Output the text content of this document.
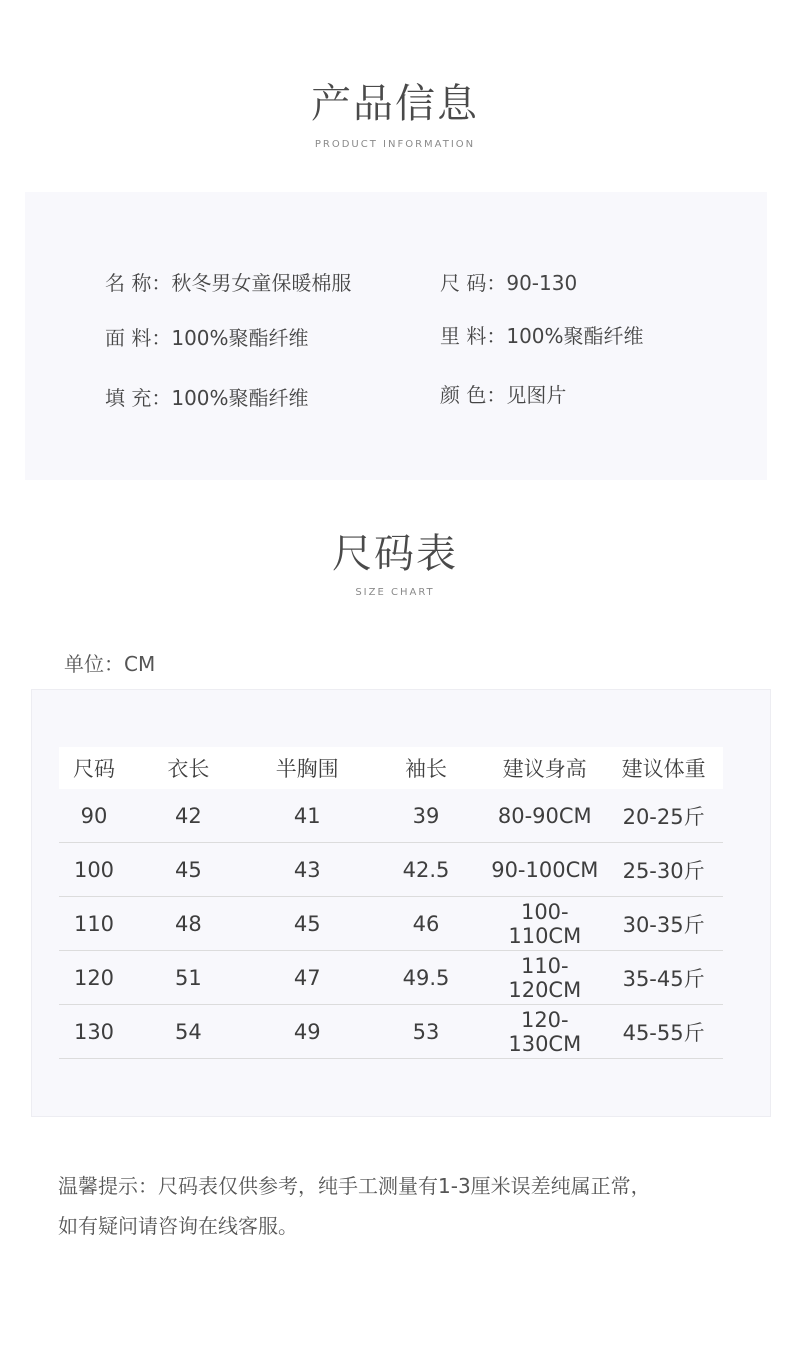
产品信息
PRODUCT INFORMATION
名 称：秋冬男女童保暖棉服	尺 码：90-130
面 料：100%聚酯纤维	里 料：100%聚酯纤维
填 充：100%聚酯纤维	颜 色：见图片
尺码表
SIZE CHART
单位：CM
尺码	衣长	半胸围	袖长	建议身高	建议体重
90	42	41	39	80-90CM	20-25斤
100	45	43	42.5	90-100CM	25-30斤
110	48	45	46	100-110CM	30-35斤
120	51	47	49.5	110-120CM	35-45斤
130	54	49	53	120-130CM	45-55斤
温馨提示：尺码表仅供参考，纯手工测量有1-3厘米误差纯属正常，
如有疑问请咨询在线客服。
